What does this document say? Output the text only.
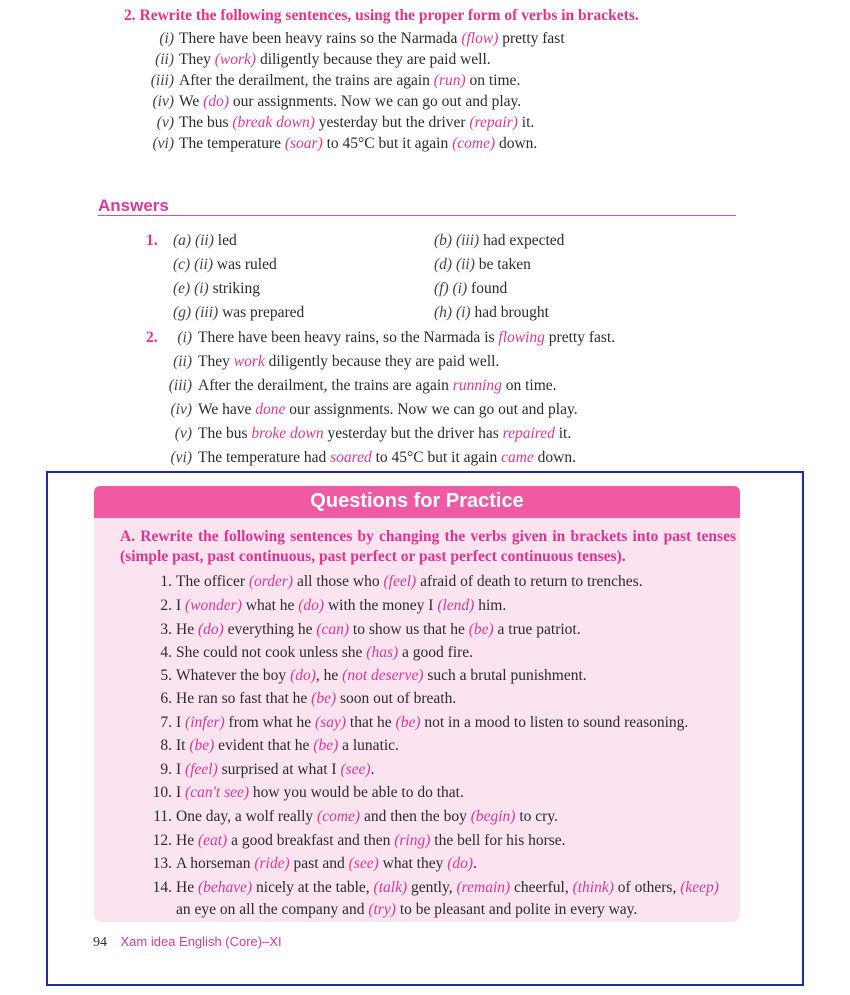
2. Rewrite the following sentences, using the proper form of verbs in brackets.
(i) There have been heavy rains so the Narmada (flow) pretty fast
(ii) They (work) diligently because they are paid well.
(iii) After the derailment, the trains are again (run) on time.
(iv) We (do) our assignments. Now we can go out and play.
(v) The bus (break down) yesterday but the driver (repair) it.
(vi) The temperature (soar) to 45°C but it again (come) down.
Answers
1. (a) (ii) led
(c) (ii) was ruled
(e) (i) striking
(g) (iii) was prepared
(b) (iii) had expected
(d) (ii) be taken
(f) (i) found
(h) (i) had brought
2.	(i) There have been heavy rains, so the Narmada is flowing pretty fast.
(ii) They work diligently because they are paid well.
(iii) After the derailment, the trains are again running on time.
(iv) We have done our assignments. Now we can go out and play.
(v) The bus broke down yesterday but the driver has repaired it.
(vi) The temperature had soared to 45°C but it again came down.
Questions for Practice
A. Rewrite the following sentences by changing the verbs given in brackets into past tenses (simple past, past continuous, past perfect or past perfect continuous tenses).
1. The officer (order) all those who (feel) afraid of death to return to trenches.
2. I (wonder) what he (do) with the money I (lend) him.
3. He (do) everything he (can) to show us that he (be) a true patriot.
4. She could not cook unless she (has) a good fire.
5. Whatever the boy (do), he (not deserve) such a brutal punishment.
6. He ran so fast that he (be) soon out of breath.
7. I (infer) from what he (say) that he (be) not in a mood to listen to sound reasoning.
8. It (be) evident that he (be) a lunatic.
9. I (feel) surprised at what I (see).
10. I (can't see) how you would be able to do that.
11. One day, a wolf really (come) and then the boy (begin) to cry.
12. He (eat) a good breakfast and then (ring) the bell for his horse.
13. A horseman (ride) past and (see) what they (do).
14. He (behave) nicely at the table, (talk) gently, (remain) cheerful, (think) of others, (keep)
an eye on all the company and (try) to be pleasant and polite in every way.
94 Xam idea English (Core)–XI
